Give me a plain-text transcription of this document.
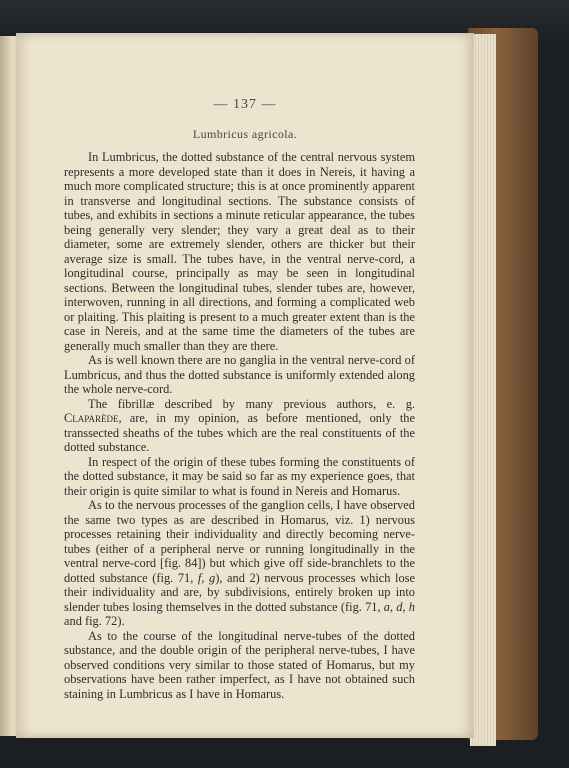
— 137 —
Lumbricus agricola.

In Lumbricus, the dotted substance of the central nervous system represents a more developed state than it does in Nereis, it having a much more complicated structure; this is at once prominently apparent in transverse and longitudinal sections. The substance consists of tubes, and exhibits in sections a minute reticular appearance, the tubes being generally very slender; they vary a great deal as to their diameter, some are extremely slender, others are thicker but their average size is small. The tubes have, in the ventral nerve-cord, a longitudinal course, principally as may be seen in longitudinal sections. Between the longitudinal tubes, slender tubes are, however, interwoven, running in all directions, and forming a complicated web or plaiting. This plaiting is present to a much greater extent than is the case in Nereis, and at the same time the diameters of the tubes are generally much smaller than they are there.

As is well known there are no ganglia in the ventral nerve-cord of Lumbricus, and thus the dotted substance is uniformly extended along the whole nerve-cord.

The fibrillæ described by many previous authors, e. g. Claparède, are, in my opinion, as before mentioned, only the transsected sheaths of the tubes which are the real constituents of the dotted substance.

In respect of the origin of these tubes forming the constituents of the dotted substance, it may be said so far as my experience goes, that their origin is quite similar to what is found in Nereis and Homarus.

As to the nervous processes of the ganglion cells, I have observed the same two types as are described in Homarus, viz. 1) nervous processes retaining their individuality and directly becoming nerve-tubes (either of a peripheral nerve or running longitudinally in the ventral nerve-cord [fig. 84]) but which give off side-branchlets to the dotted substance (fig. 71, f, g), and 2) nervous processes which lose their individuality and are, by subdivisions, entirely broken up into slender tubes losing themselves in the dotted substance (fig. 71, a, d, h and fig. 72).

As to the course of the longitudinal nerve-tubes of the dotted substance, and the double origin of the peripheral nerve-tubes, I have observed conditions very similar to those stated of Homarus, but my observations have been rather imperfect, as I have not obtained such staining in Lumbricus as I have in Homarus.
